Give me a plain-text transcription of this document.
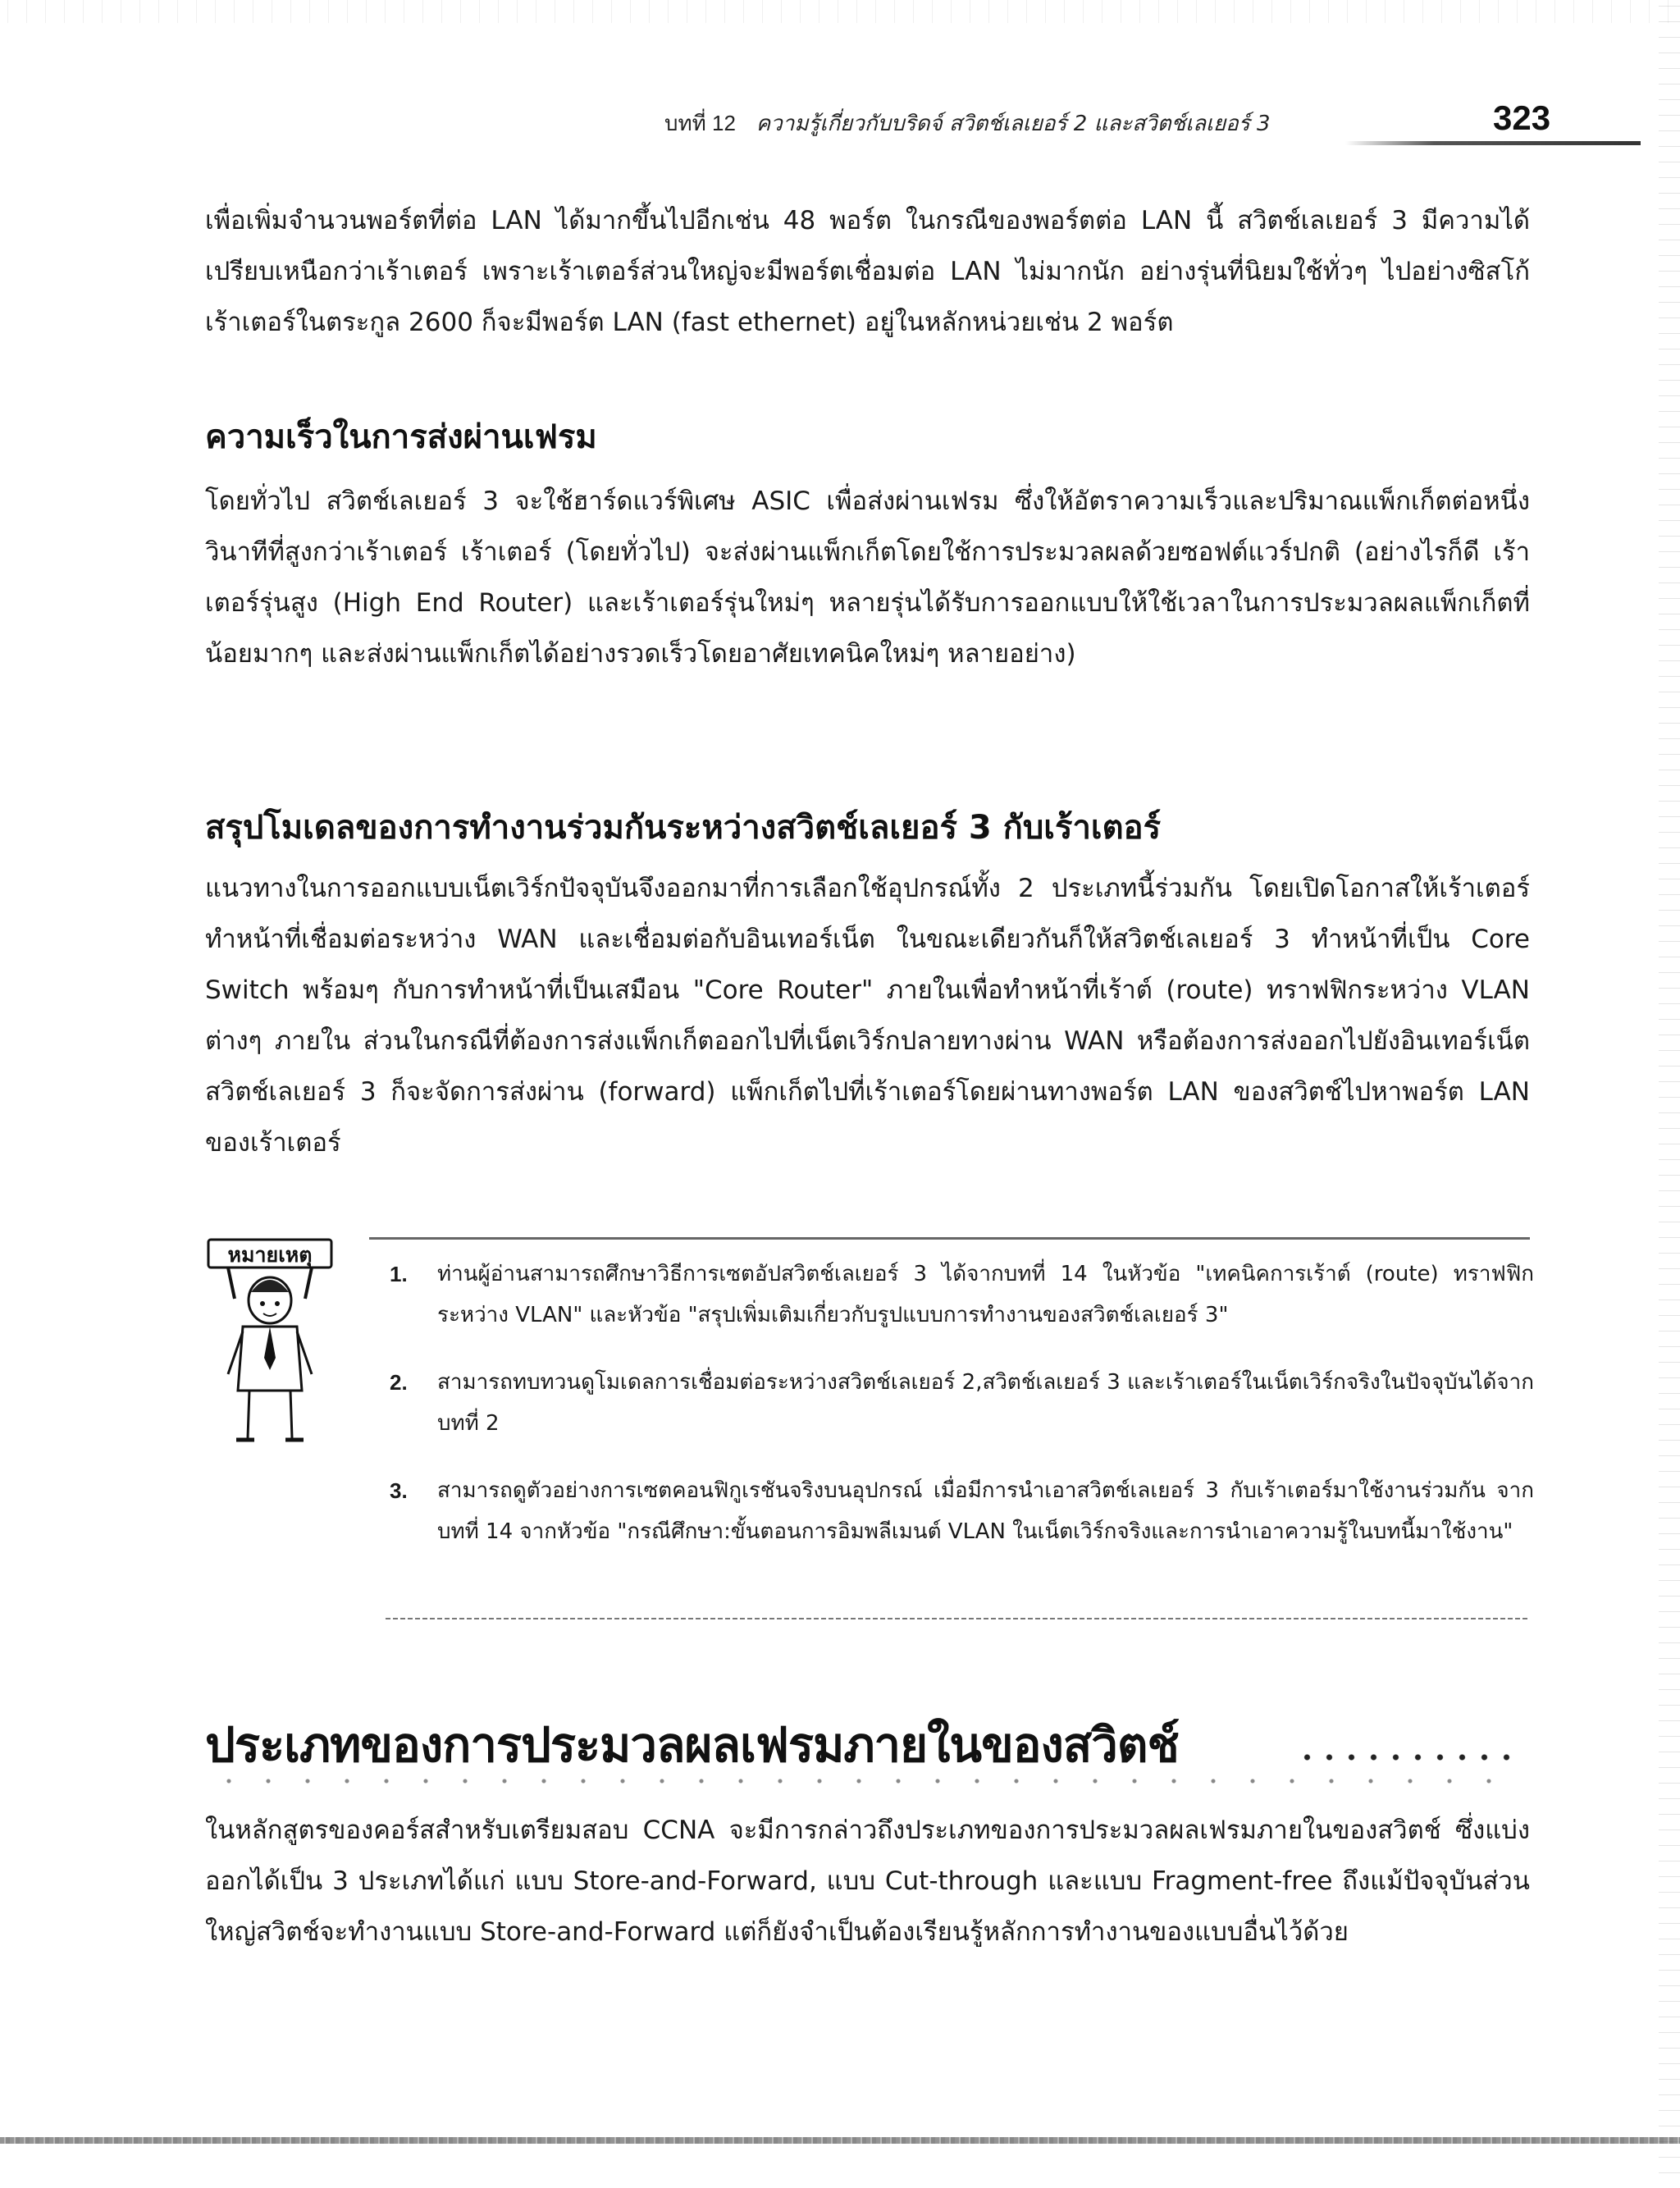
บทที่ 12 ความรู้เกี่ยวกับบริดจ์ สวิตช์เลเยอร์ 2 และสวิตช์เลเยอร์ 3	323

เพื่อเพิ่มจำนวนพอร์ตที่ต่อ LAN ได้มากขึ้นไปอีกเช่น 48 พอร์ต ในกรณีของพอร์ตต่อ LAN นี้ สวิตช์เลเยอร์ 3 มีความได้เปรียบเหนือกว่าเร้าเตอร์ เพราะเร้าเตอร์ส่วนใหญ่จะมีพอร์ตเชื่อมต่อ LAN ไม่มากนัก อย่างรุ่นที่นิยมใช้ทั่วๆ ไปอย่างซิสโก้เร้าเตอร์ในตระกูล 2600 ก็จะมีพอร์ต LAN (fast ethernet) อยู่ในหลักหน่วยเช่น 2 พอร์ต

ความเร็วในการส่งผ่านเฟรม

โดยทั่วไป สวิตช์เลเยอร์ 3 จะใช้ฮาร์ดแวร์พิเศษ ASIC เพื่อส่งผ่านเฟรม ซึ่งให้อัตราความเร็วและปริมาณแพ็กเก็ตต่อหนึ่งวินาทีที่สูงกว่าเร้าเตอร์ เร้าเตอร์ (โดยทั่วไป) จะส่งผ่านแพ็กเก็ตโดยใช้การประมวลผลด้วยซอฟต์แวร์ปกติ (อย่างไรก็ดี เร้าเตอร์รุ่นสูง (High End Router) และเร้าเตอร์รุ่นใหม่ๆ หลายรุ่นได้รับการออกแบบให้ใช้เวลาในการประมวลผลแพ็กเก็ตที่น้อยมากๆ และส่งผ่านแพ็กเก็ตได้อย่างรวดเร็วโดยอาศัยเทคนิคใหม่ๆ หลายอย่าง)

สรุปโมเดลของการทำงานร่วมกันระหว่างสวิตช์เลเยอร์ 3 กับเร้าเตอร์

แนวทางในการออกแบบเน็ตเวิร์กปัจจุบันจึงออกมาที่การเลือกใช้อุปกรณ์ทั้ง 2 ประเภทนี้ร่วมกัน โดยเปิดโอกาสให้เร้าเตอร์ทำหน้าที่เชื่อมต่อระหว่าง WAN และเชื่อมต่อกับอินเทอร์เน็ต ในขณะเดียวกันก็ให้สวิตช์เลเยอร์ 3 ทำหน้าที่เป็น Core Switch พร้อมๆ กับการทำหน้าที่เป็นเสมือน "Core Router" ภายในเพื่อทำหน้าที่เร้าต์ (route) ทราฟฟิกระหว่าง VLAN ต่างๆ ภายใน ส่วนในกรณีที่ต้องการส่งแพ็กเก็ตออกไปที่เน็ตเวิร์กปลายทางผ่าน WAN หรือต้องการส่งออกไปยังอินเทอร์เน็ต สวิตช์เลเยอร์ 3 ก็จะจัดการส่งผ่าน (forward) แพ็กเก็ตไปที่เร้าเตอร์โดยผ่านทางพอร์ต LAN ของสวิตช์ไปหาพอร์ต LAN ของเร้าเตอร์

หมายเหตุ
1.	ท่านผู้อ่านสามารถศึกษาวิธีการเซตอัปสวิตช์เลเยอร์ 3 ได้จากบทที่ 14 ในหัวข้อ "เทคนิคการเร้าต์ (route) ทราฟฟิกระหว่าง VLAN" และหัวข้อ "สรุปเพิ่มเติมเกี่ยวกับรูปแบบการทำงานของสวิตช์เลเยอร์ 3"
2.	สามารถทบทวนดูโมเดลการเชื่อมต่อระหว่างสวิตช์เลเยอร์ 2,สวิตช์เลเยอร์ 3 และเร้าเตอร์ในเน็ตเวิร์กจริงในปัจจุบันได้จากบทที่ 2
3.	สามารถดูตัวอย่างการเซตคอนฟิกูเรชันจริงบนอุปกรณ์ เมื่อมีการนำเอาสวิตช์เลเยอร์ 3 กับเร้าเตอร์มาใช้งานร่วมกัน จากบทที่ 14 จากหัวข้อ "กรณีศึกษา:ขั้นตอนการอิมพลีเมนต์ VLAN ในเน็ตเวิร์กจริงและการนำเอาความรู้ในบทนี้มาใช้งาน"
ประเภทของการประมวลผลเฟรมภายในของสวิตช์

ในหลักสูตรของคอร์สสำหรับเตรียมสอบ CCNA จะมีการกล่าวถึงประเภทของการประมวลผลเฟรมภายในของสวิตช์ ซึ่งแบ่งออกได้เป็น 3 ประเภทได้แก่ แบบ Store-and-Forward, แบบ Cut-through และแบบ Fragment-free ถึงแม้ปัจจุบันส่วนใหญ่สวิตช์จะทำงานแบบ Store-and-Forward แต่ก็ยังจำเป็นต้องเรียนรู้หลักการทำงานของแบบอื่นไว้ด้วย
